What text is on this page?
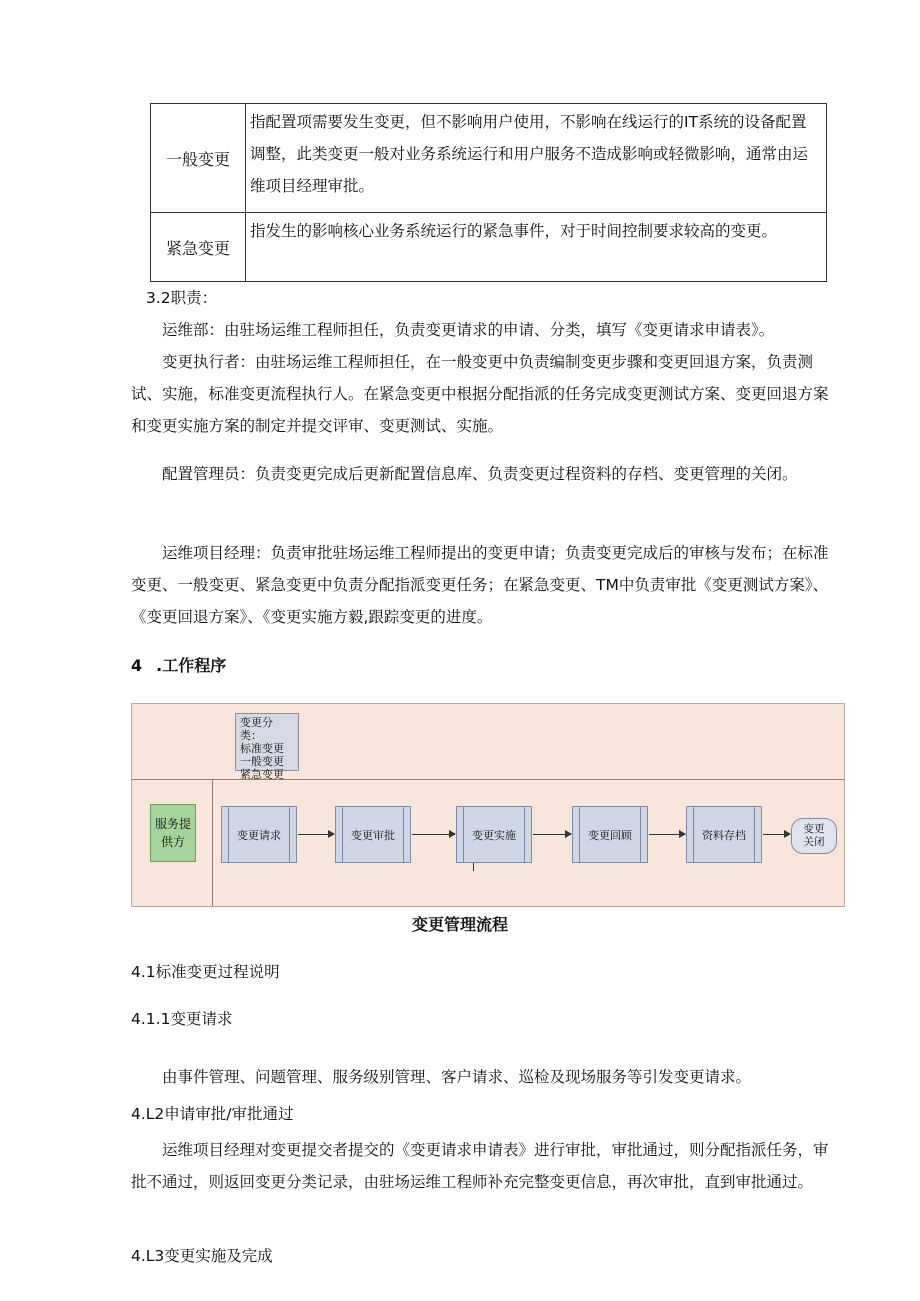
一般变更	指配置项需要发生变更，但不影响用户使用，不影响在线运行的IT系统的设备配置调整，此类变更一般对业务系统运行和用户服务不造成影响或轻微影响，通常由运维项目经理审批。
紧急变更	指发生的影响核心业务系统运行的紧急事件，对于时间控制要求较高的变更。
3.2职责：
运维部：由驻场运维工程师担任，负责变更请求的申请、分类，填写《变更请求申请表》。
变更执行者：由驻场运维工程师担任，在一般变更中负责编制变更步骤和变更回退方案，负责测试、实施，标准变更流程执行人。在紧急变更中根据分配指派的任务完成变更测试方案、变更回退方案和变更实施方案的制定并提交评审、变更测试、实施。
配置管理员：负责变更完成后更新配置信息库、负责变更过程资料的存档、变更管理的关闭。
运维项目经理：负责审批驻场运维工程师提出的变更申请；负责变更完成后的审核与发布；在标准变更、一般变更、紧急变更中负责分配指派变更任务；在紧急变更、TM中负责审批《变更测试方案》、《变更回退方案》、《变更实施方毅,跟踪变更的进度。
4 .工作程序
变更分类：
标准变更
一般变更
紧急变更
服务提
供方	变更请求	变更审批	变更实施	变更回顾	资料存档	变更
关闭
变更管理流程
4.1标准变更过程说明
4.1.1变更请求
由事件管理、问题管理、服务级别管理、客户请求、巡检及现场服务等引发变更请求。
4.L2申请审批/审批通过
运维项目经理对变更提交者提交的《变更请求申请表》进行审批，审批通过，则分配指派任务，审批不通过，则返回变更分类记录，由驻场运维工程师补充完整变更信息，再次审批，直到审批通过。
4.L3变更实施及完成
